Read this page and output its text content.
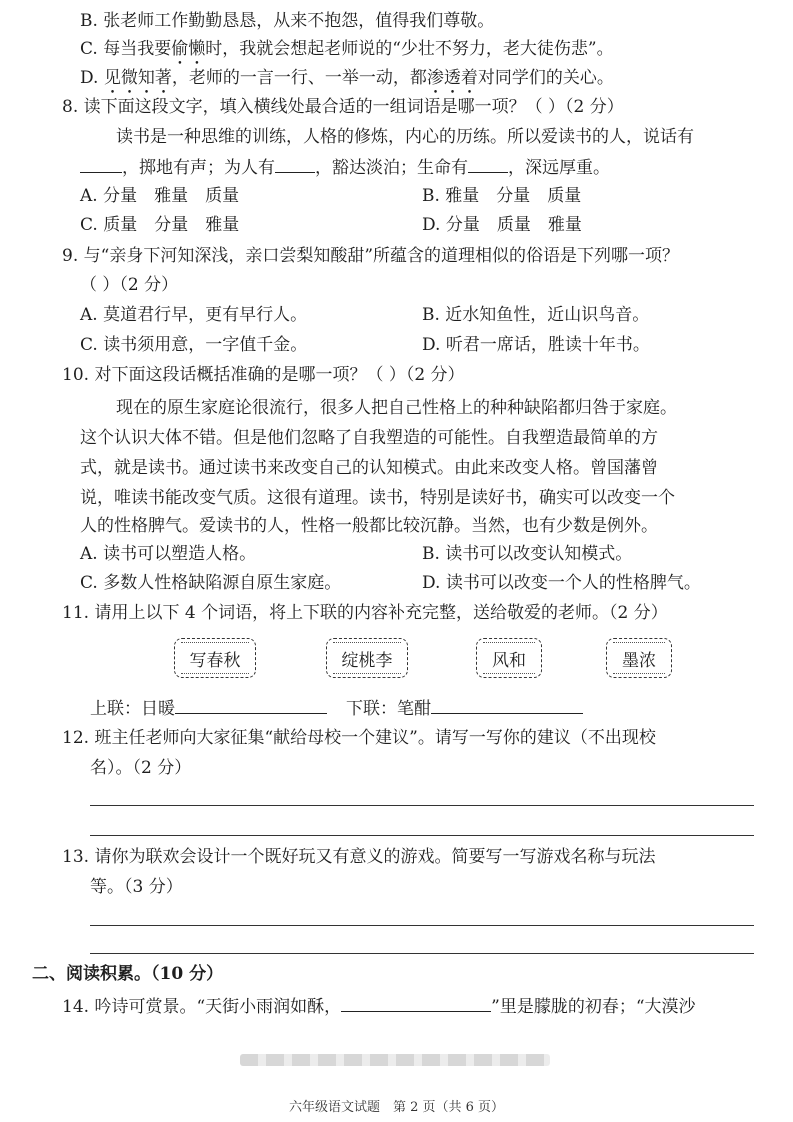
B. 张老师工作勤勤恳恳，从来不抱怨，值得我们尊敬。
C. 每当我要偷懒时，我就会想起老师说的“少壮不努力，老大徒伤悲”。
D. 见微知著，老师的一言一行、一举一动，都渗透着对同学们的关心。
8. 读下面这段文字，填入横线处最合适的一组词语是哪一项？（ ）（2 分）
读书是一种思维的训练，人格的修炼，内心的历练。所以爱读书的人，说话有
，掷地有声；为人有 ，豁达淡泊；生命有 ，深远厚重。
A. 分量　雅量　质量	B. 雅量　分量　质量
C. 质量　分量　雅量	D. 分量　质量　雅量
9. 与“亲身下河知深浅，亲口尝梨知酸甜”所蕴含的道理相似的俗语是下列哪一项？
（ ）（2 分）
A. 莫道君行早，更有早行人。	B. 近水知鱼性，近山识鸟音。
C. 读书须用意，一字值千金。	D. 听君一席话，胜读十年书。
10. 对下面这段话概括准确的是哪一项？（ ）（2 分）
现在的原生家庭论很流行，很多人把自己性格上的种种缺陷都归咎于家庭。
这个认识大体不错。但是他们忽略了自我塑造的可能性。自我塑造最简单的方
式，就是读书。通过读书来改变自己的认知模式。由此来改变人格。曾国藩曾
说，唯读书能改变气质。这很有道理。读书，特别是读好书，确实可以改变一个
人的性格脾气。爱读书的人，性格一般都比较沉静。当然，也有少数是例外。
A. 读书可以塑造人格。	B. 读书可以改变认知模式。
C. 多数人性格缺陷源自原生家庭。	D. 读书可以改变一个人的性格脾气。
11. 请用上以下 4 个词语，将上下联的内容补充完整，送给敬爱的老师。（2 分）
写春秋	绽桃李	风和	墨浓
上联：日暖	下联：笔酣
12. 班主任老师向大家征集“献给母校一个建议”。请写一写你的建议（不出现校
名）。（2 分）
13. 请你为联欢会设计一个既好玩又有意义的游戏。简要写一写游戏名称与玩法
等。（3 分）
二、阅读积累。（10 分）
14. 吟诗可赏景。“天街小雨润如酥，	”里是朦胧的初春；“大漠沙
六年级语文试题　第 2 页（共 6 页）
